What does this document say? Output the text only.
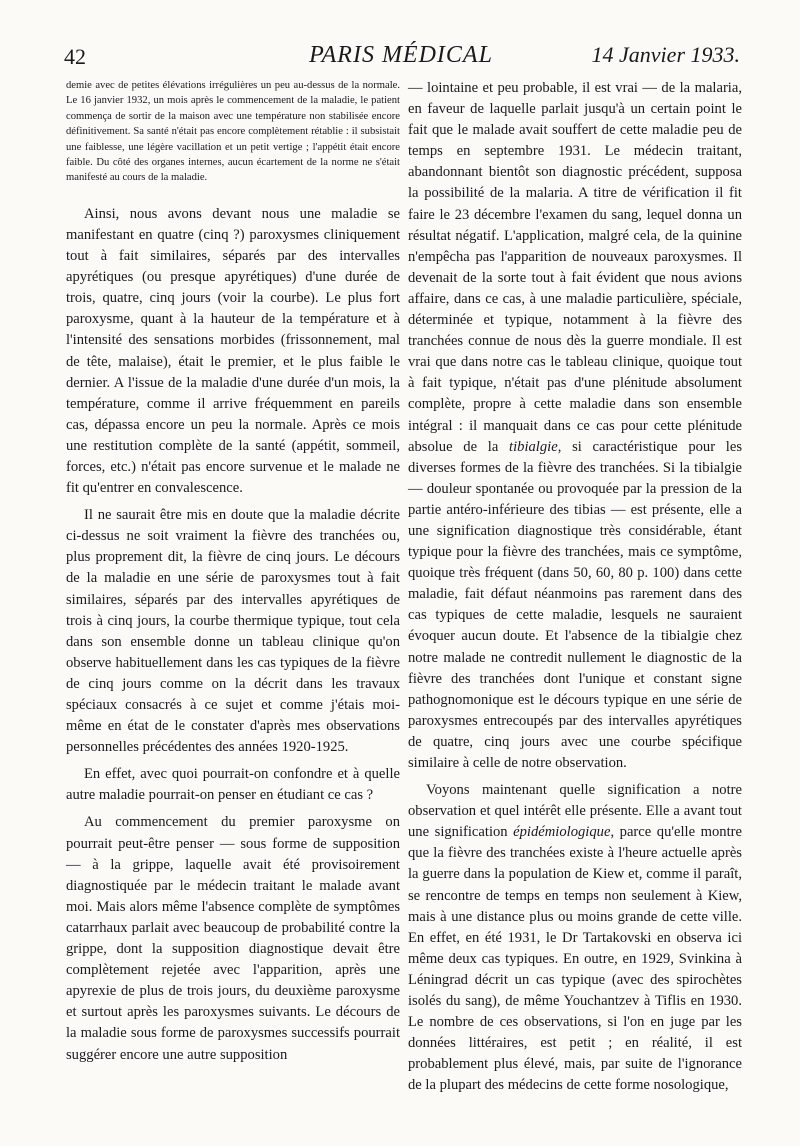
42	PARIS MÉDICAL	14 Janvier 1933.

demie avec de petites élévations irrégulières un peu au-dessus de la normale. Le 16 janvier 1932, un mois après le commencement de la maladie, le patient commença de sortir de la maison avec une température non stabilisée encore définitivement. Sa santé n'était pas encore complètement rétablie : il subsistait une faiblesse, une légère vacillation et un petit vertige ; l'appétit était encore faible. Du côté des organes internes, aucun écartement de la norme ne s'était manifesté au cours de la maladie.

Ainsi, nous avons devant nous une maladie se manifestant en quatre (cinq ?) paroxysmes cliniquement tout à fait similaires, séparés par des intervalles apyrétiques (ou presque apyrétiques) d'une durée de trois, quatre, cinq jours (voir la courbe). Le plus fort paroxysme, quant à la hauteur de la température et à l'intensité des sensations morbides (frissonnement, mal de tête, malaise), était le premier, et le plus faible le dernier. A l'issue de la maladie d'une durée d'un mois, la température, comme il arrive fréquemment en pareils cas, dépassa encore un peu la normale. Après ce mois une restitution complète de la santé (appétit, sommeil, forces, etc.) n'était pas encore survenue et le malade ne fit qu'entrer en convalescence.

Il ne saurait être mis en doute que la maladie décrite ci-dessus ne soit vraiment la fièvre des tranchées ou, plus proprement dit, la fièvre de cinq jours. Le décours de la maladie en une série de paroxysmes tout à fait similaires, séparés par des intervalles apyrétiques de trois à cinq jours, la courbe thermique typique, tout cela dans son ensemble donne un tableau clinique qu'on observe habituellement dans les cas typiques de la fièvre de cinq jours comme on la décrit dans les travaux spéciaux consacrés à ce sujet et comme j'étais moi-même en état de le constater d'après mes observations personnelles précédentes des années 1920-1925.

En effet, avec quoi pourrait-on confondre et à quelle autre maladie pourrait-on penser en étudiant ce cas ?

Au commencement du premier paroxysme on pourrait peut-être penser — sous forme de supposition — à la grippe, laquelle avait été provisoirement diagnostiquée par le médecin traitant le malade avant moi. Mais alors même l'absence complète de symptômes catarrhaux parlait avec beaucoup de probabilité contre la grippe, dont la supposition diagnostique devait être complètement rejetée avec l'apparition, après une apyrexie de plus de trois jours, du deuxième paroxysme et surtout après les paroxysmes suivants. Le décours de la maladie sous forme de paroxysmes successifs pourrait suggérer encore une autre supposition

— lointaine et peu probable, il est vrai — de la malaria, en faveur de laquelle parlait jusqu'à un certain point le fait que le malade avait souffert de cette maladie peu de temps en septembre 1931. Le médecin traitant, abandonnant bientôt son diagnostic précédent, supposa la possibilité de la malaria. A titre de vérification il fit faire le 23 décembre l'examen du sang, lequel donna un résultat négatif. L'application, malgré cela, de la quinine n'empêcha pas l'apparition de nouveaux paroxysmes. Il devenait de la sorte tout à fait évident que nous avions affaire, dans ce cas, à une maladie particulière, spéciale, déterminée et typique, notamment à la fièvre des tranchées connue de nous dès la guerre mondiale. Il est vrai que dans notre cas le tableau clinique, quoique tout à fait typique, n'était pas d'une plénitude absolument complète, propre à cette maladie dans son ensemble intégral : il manquait dans ce cas pour cette plénitude absolue de la tibialgie, si caractéristique pour les diverses formes de la fièvre des tranchées. Si la tibialgie — douleur spontanée ou provoquée par la pression de la partie antéro-inférieure des tibias — est présente, elle a une signification diagnostique très considérable, étant typique pour la fièvre des tranchées, mais ce symptôme, quoique très fréquent (dans 50, 60, 80 p. 100) dans cette maladie, fait défaut néanmoins pas rarement dans des cas typiques de cette maladie, lesquels ne sauraient évoquer aucun doute. Et l'absence de la tibialgie chez notre malade ne contredit nullement le diagnostic de la fièvre des tranchées dont l'unique et constant signe pathognomonique est le décours typique en une série de paroxysmes entrecoupés par des intervalles apyrétiques de quatre, cinq jours avec une courbe spécifique similaire à celle de notre observation.

Voyons maintenant quelle signification a notre observation et quel intérêt elle présente. Elle a avant tout une signification épidémiologique, parce qu'elle montre que la fièvre des tranchées existe à l'heure actuelle après la guerre dans la population de Kiew et, comme il paraît, se rencontre de temps en temps non seulement à Kiew, mais à une distance plus ou moins grande de cette ville. En effet, en été 1931, le Dr Tartakovski en observa ici même deux cas typiques. En outre, en 1929, Svinkina à Léningrad décrit un cas typique (avec des spirochètes isolés du sang), de même Youchantzev à Tiflis en 1930. Le nombre de ces observations, si l'on en juge par les données littéraires, est petit ; en réalité, il est probablement plus élevé, mais, par suite de l'ignorance de la plupart des médecins de cette forme nosologique,
